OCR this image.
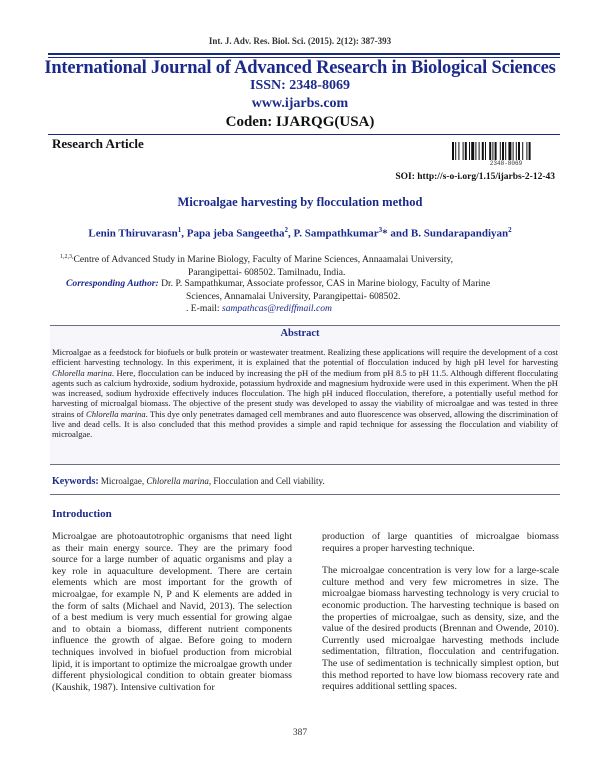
Int. J. Adv. Res. Biol. Sci. (2015). 2(12): 387-393
International Journal of Advanced Research in Biological Sciences
ISSN: 2348-8069
www.ijarbs.com
Coden: IJARQG(USA)
Research Article
2348-8069
SOI: http://s-o-i.org/1.15/ijarbs-2-12-43
Microalgae harvesting by flocculation method
Lenin Thiruvarasn$^1$, Papa jeba Sangeetha$^2$, P. Sampathkumar$^3$* and B. Sundarapandiyan$^2$
$^{1,2,3,}$Centre of Advanced Study in Marine Biology, Faculty of Marine Sciences, Annaamalai University,
Parangipettai- 608502. Tamilnadu, India.
Corresponding Author: Dr. P. Sampathkumar, Associate professor, CAS in Marine biology, Faculty of Marine
Sciences, Annamalai University, Parangipettai- 608502.
. E-mail: sampathcas@rediffmail.com
Abstract
Microalgae as a feedstock for biofuels or bulk protein or wastewater treatment. Realizing these applications will require the development of a cost efficient harvesting technology. In this experiment, it is explained that the potential of flocculation induced by high pH level for harvesting Chlorella marina. Here, flocculation can be induced by increasing the pH of the medium from pH 8.5 to pH 11.5. Although different flocculating agents such as calcium hydroxide, sodium hydroxide, potassium hydroxide and magnesium hydroxide were used in this experiment. When the pH was increased, sodium hydroxide effectively induces flocculation. The high pH induced flocculation, therefore, a potentially useful method for harvesting of microalgal biomass. The objective of the present study was developed to assay the viability of microalgae and was tested in three strains of Chlorella marina. This dye only penetrates damaged cell membranes and auto fluorescence was observed, allowing the discrimination of live and dead cells. It is also concluded that this method provides a simple and rapid technique for assessing the flocculation and viability of microalgae.
Keywords: Microalgae, Chlorella marina, Flocculation and Cell viability.
Introduction

Microalgae are photoautotrophic organisms that need light as their main energy source. They are the primary food source for a large number of aquatic organisms and play a key role in aquaculture development. There are certain elements which are most important for the growth of microalgae, for example N, P and K elements are added in the form of salts (Michael and Navid, 2013). The selection of a best medium is very much essential for growing algae and to obtain a biomass, different nutrient components influence the growth of algae. Before going to modern techniques involved in biofuel production from microbial lipid, it is important to optimize the microalgae growth under different physiological condition to obtain greater biomass (Kaushik, 1987). Intensive cultivation for

production of large quantities of microalgae biomass requires a proper harvesting technique.

The microalgae concentration is very low for a large-scale culture method and very few micrometres in size. The microalgae biomass harvesting technology is very crucial to economic production. The harvesting technique is based on the properties of microalgae, such as density, size, and the value of the desired products (Brennan and Owende, 2010). Currently used microalgae harvesting methods include sedimentation, filtration, flocculation and centrifugation. The use of sedimentation is technically simplest option, but this method reported to have low biomass recovery rate and requires additional settling spaces.

387
